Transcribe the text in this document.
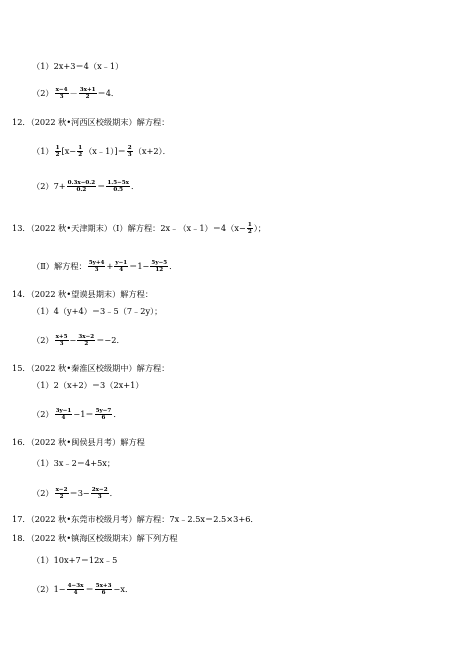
（1）2x+3＝4（x﹣1）
$(2) \frac{x-4}{3} - \frac{3x+1}{2} =4$．
12．（2022 秋•河西区校级期末）解方程：
$(1) \frac{1}{2} [x- \frac{1}{2}$ （x﹣1）]＝ $\frac{2}{3} (x+2)$．
$(2)7+ \frac{0.3x-0.2}{0.2} = \frac{1.5-5x}{0.5}$ ．
13．（2022 秋•天津期末）（Ⅰ）解方程：2x﹣（x﹣1）＝4（x− $\frac{1}{2}$ ）；
（Ⅱ）解方程： $\frac{5y+4}{3} + \frac{y-1}{4} =1- \frac{5y-5}{12}$ ．
14．（2022 秋•望谟县期末）解方程：
（1）4（y+4）＝3﹣5（7﹣2y）；
$(2) \frac{x+5}{3} - \frac{3x-2}{2} =-2$．
15．（2022 秋•秦淮区校级期中）解方程：
（1）2（x+2）＝3（2x+1）
$(2) \frac{3y-1}{4} -1= \frac{5y-7}{6}$ ．
16．（2022 秋•闽侯县月考）解方程
（1）3x﹣2＝4+5x；
$(2) \frac{x-2}{2} =3- \frac{2x-2}{3}$ ．
17．（2022 秋•东莞市校级月考）解方程：7x﹣2.5x＝2.5×3+6．
18．（2022 秋•镇海区校级期末）解下列方程
（1）10x+7＝12x﹣5
$(2)1- \frac{4-3x}{4} = \frac{5x+3}{6} -x$．
